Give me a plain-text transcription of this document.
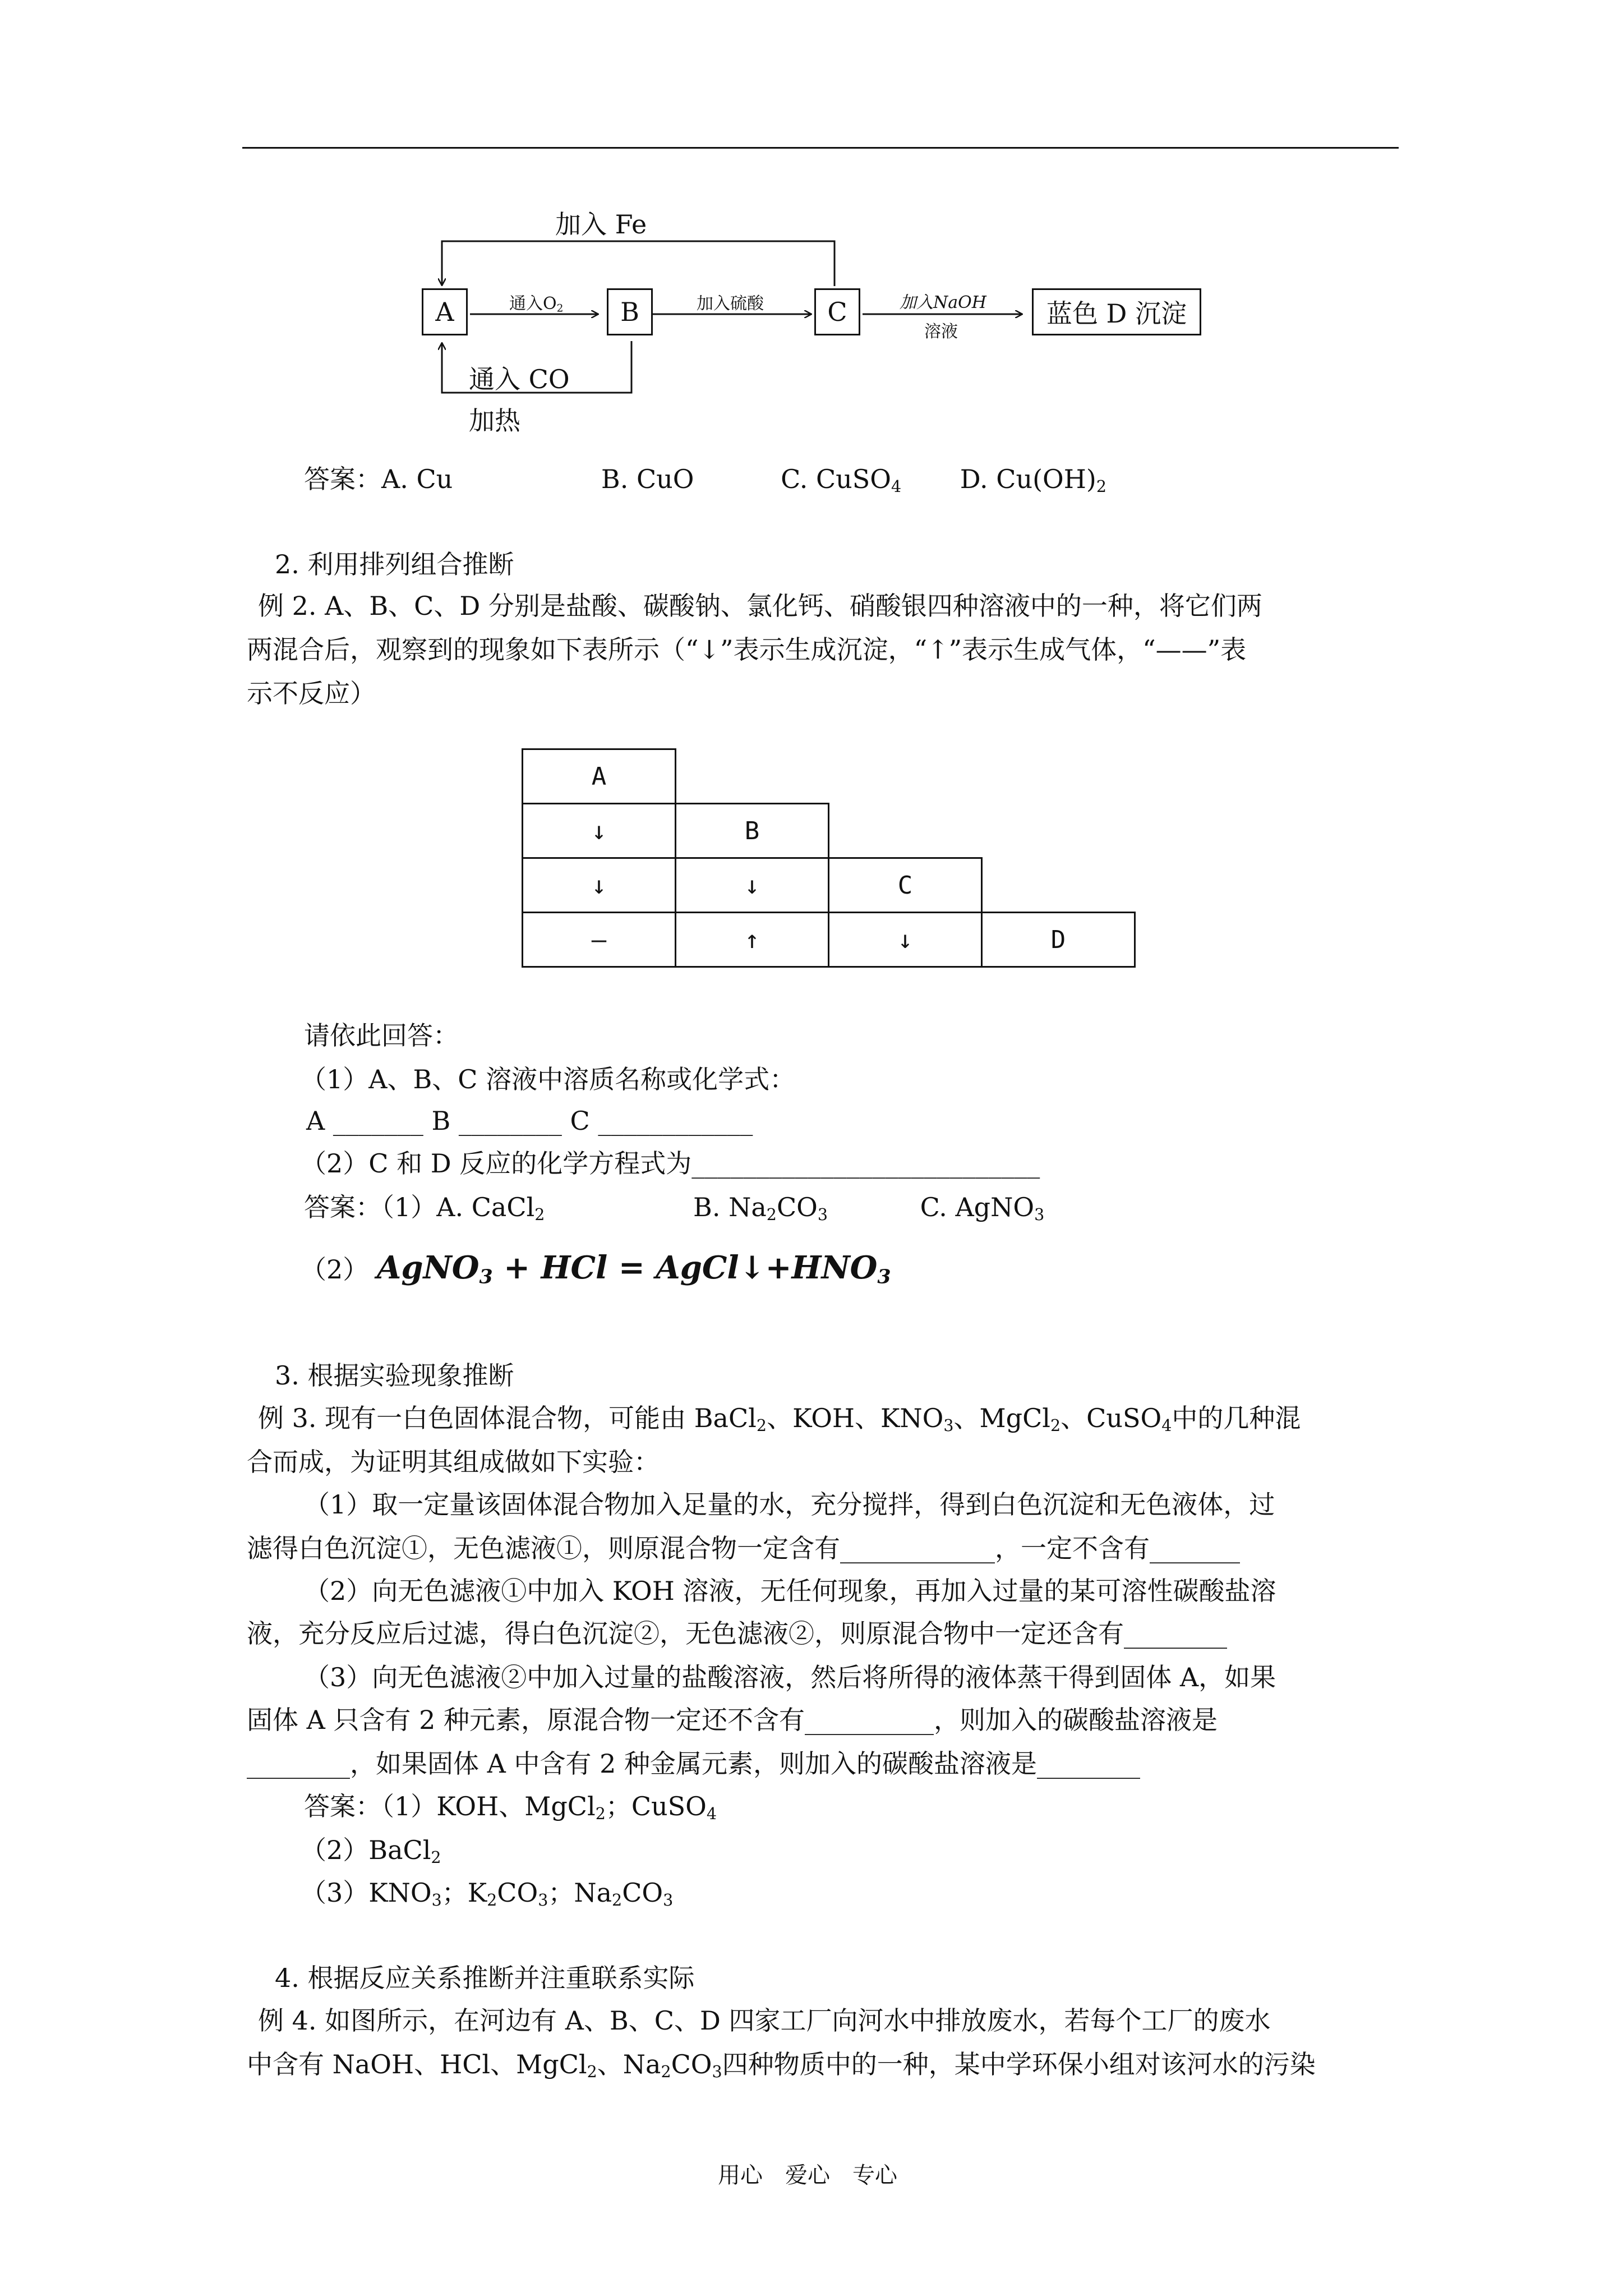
加入 Fe
A	B	C	蓝色 D 沉淀
通入$O_2$	加入硫酸	加入NaOH
溶液
通入 CO
加热
答案：A. Cu	B. CuO	C. CuSO$_4$ D. $Cu(OH)_2$
2. 利用排列组合推断
例 2. A、B、C、D 分别是盐酸、碳酸钠、氯化钙、硝酸银四种溶液中的一种，将它们两
两混合后，观察到的现象如下表所示（“↓”表示生成沉淀，“↑”表示生成气体，“——”表
示不反应）
A
↓	B
↓	↓	C
—	↑	↓	D
请依此回答：
（1）A、B、C 溶液中溶质名称或化学式：
A _______ B ________ C ____________
（2）C 和 D 反应的化学方程式为___________________________
答案：（1）A. CaCl$_2$	B. $Na_2CO_3$	C. AgNO$_3$
（2） AgNO$_3$ + HCl = $AgCl↓+HNO_3$
3. 根据实验现象推断
例 3. 现有一白色固体混合物，可能由 BaCl$_2$、KOH、$KNO_3$、MgCl$_2$、CuSO$_4$中的几种混
合而成，为证明其组成做如下实验：
（1）取一定量该固体混合物加入足量的水，充分搅拌，得到白色沉淀和无色液体，过
滤得白色沉淀①，无色滤液①，则原混合物一定含有____________，一定不含有_______
（2）向无色滤液①中加入 KOH 溶液，无任何现象，再加入过量的某可溶性碳酸盐溶
液，充分反应后过滤，得白色沉淀②，无色滤液②，则原混合物中一定还含有________
（3）向无色滤液②中加入过量的盐酸溶液，然后将所得的液体蒸干得到固体 A，如果
固体 A 只含有 2 种元素，原混合物一定还不含有__________，则加入的碳酸盐溶液是
________，如果固体 A 中含有 2 种金属元素，则加入的碳酸盐溶液是________
答案：（1）KOH、MgCl$_2$；CuSO$_4$
（2）BaCl$_2$
$(3)KNO_3$；$K_2CO_3$；$Na_2CO_3$
4. 根据反应关系推断并注重联系实际
例 4. 如图所示，在河边有 A、B、C、D 四家工厂向河水中排放废水，若每个工厂的废水
中含有 NaOH、HCl、MgCl$_2$、$Na_2CO_3$四种物质中的一种，某中学环保小组对该河水的污染
用心　爱心　专心
